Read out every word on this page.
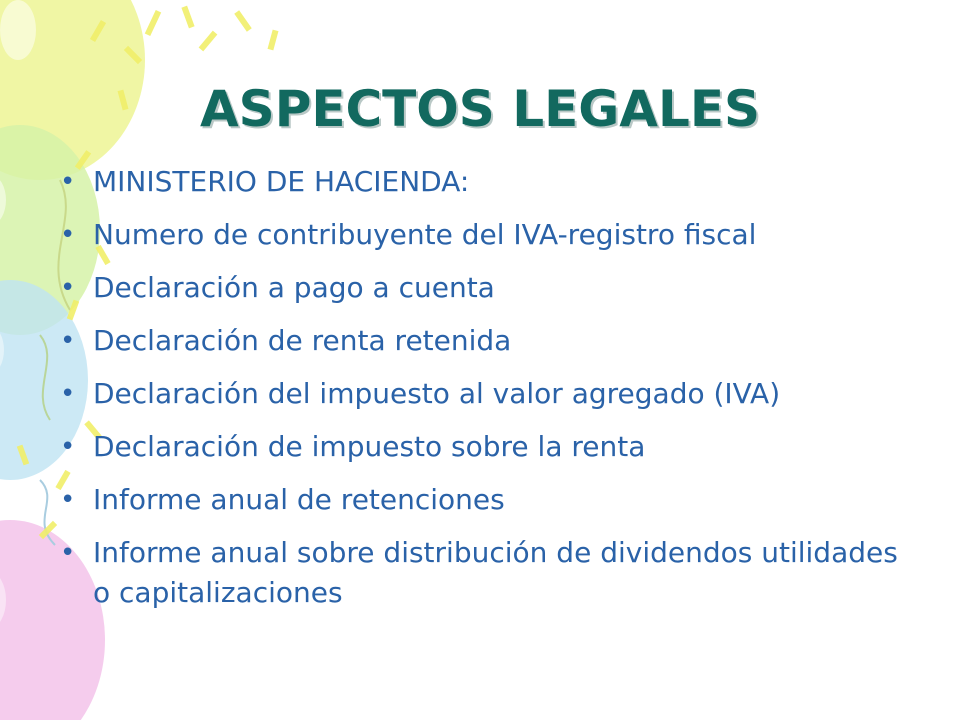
ASPECTOS LEGALES
• MINISTERIO DE HACIENDA:
• Numero de contribuyente del IVA-registro fiscal
• Declaración a pago a cuenta
• Declaración de renta retenida
• Declaración del impuesto al valor agregado (IVA)
• Declaración de impuesto sobre la renta
• Informe anual de retenciones
• Informe anual sobre distribución de dividendos utilidades o capitalizaciones
